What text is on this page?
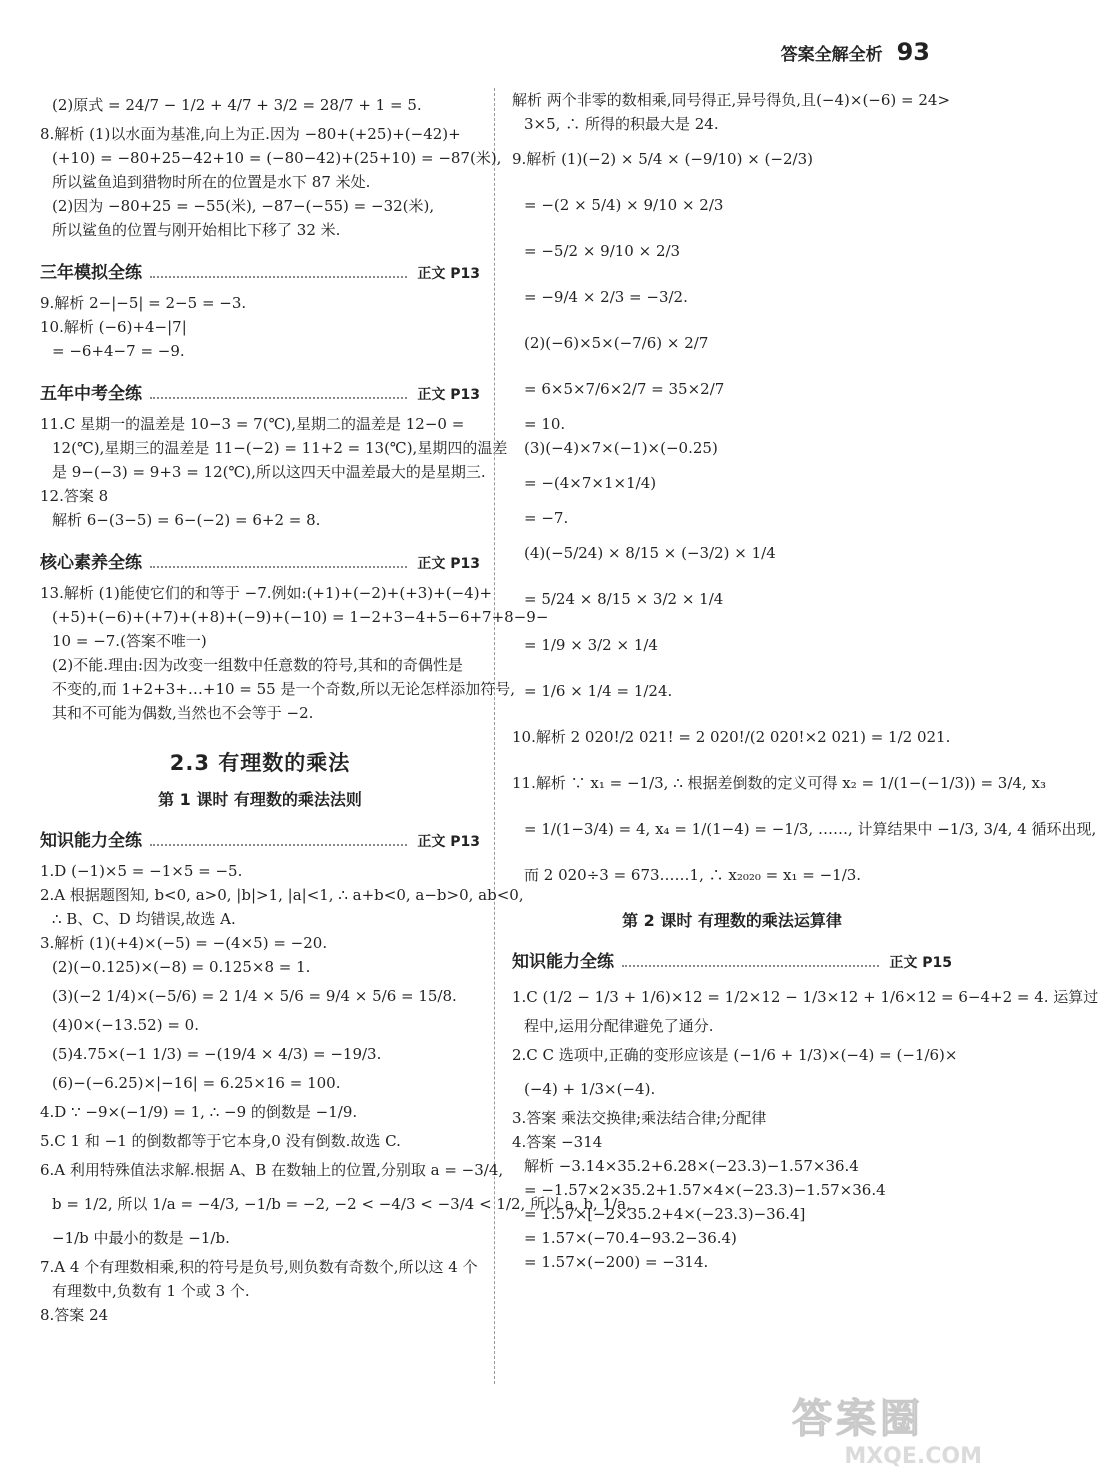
答案全解全析 93

(2)原式 = 24/7 − 1/2 + 4/7 + 3/2 = 28/7 + 1 = 5.

8.解析 (1)以水面为基准,向上为正.因为 −80+(+25)+(−42)+

(+10) = −80+25−42+10 = (−80−42)+(25+10) = −87(米),

所以鲨鱼追到猎物时所在的位置是水下 87 米处.

(2)因为 −80+25 = −55(米), −87−(−55) = −32(米),

所以鲨鱼的位置与刚开始相比下移了 32 米.

三年模拟全练	正文 P13

9.解析 2−|−5| = 2−5 = −3.

10.解析 (−6)+4−|7|

= −6+4−7 = −9.

五年中考全练	正文 P13

11.C 星期一的温差是 10−3 = 7(℃),星期二的温差是 12−0 =

12(℃),星期三的温差是 11−(−2) = 11+2 = 13(℃),星期四的温差

是 9−(−3) = 9+3 = 12(℃),所以这四天中温差最大的是星期三.

12.答案 8

解析 6−(3−5) = 6−(−2) = 6+2 = 8.

核心素养全练	正文 P13

13.解析 (1)能使它们的和等于 −7.例如:(+1)+(−2)+(+3)+(−4)+

(+5)+(−6)+(+7)+(+8)+(−9)+(−10) = 1−2+3−4+5−6+7+8−9−

10 = −7.(答案不唯一)

(2)不能.理由:因为改变一组数中任意数的符号,其和的奇偶性是

不变的,而 1+2+3+…+10 = 55 是一个奇数,所以无论怎样添加符号,

其和不可能为偶数,当然也不会等于 −2.

2.3 有理数的乘法
第 1 课时 有理数的乘法法则
知识能力全练	正文 P13

1.D (−1)×5 = −1×5 = −5.

2.A 根据题图知, b<0, a>0, |b|>1, |a|<1, ∴ a+b<0, a−b>0, ab<0,

∴ B、C、D 均错误,故选 A.

3.解析 (1)(+4)×(−5) = −(4×5) = −20.

(2)(−0.125)×(−8) = 0.125×8 = 1.

(3)(−2 1/4)×(−5/6) = 2 1/4 × 5/6 = 9/4 × 5/6 = 15/8.

(4)0×(−13.52) = 0.

(5)4.75×(−1 1/3) = −(19/4 × 4/3) = −19/3.

(6)−(−6.25)×|−16| = 6.25×16 = 100.

4.D ∵ −9×(−1/9) = 1, ∴ −9 的倒数是 −1/9.

5.C 1 和 −1 的倒数都等于它本身,0 没有倒数.故选 C.

6.A 利用特殊值法求解.根据 A、B 在数轴上的位置,分别取 a = −3/4,

b = 1/2, 所以 1/a = −4/3, −1/b = −2, −2 < −4/3 < −3/4 < 1/2, 所以 a, b, 1/a,

−1/b 中最小的数是 −1/b.

7.A 4 个有理数相乘,积的符号是负号,则负数有奇数个,所以这 4 个

有理数中,负数有 1 个或 3 个.

8.答案 24

解析 两个非零的数相乘,同号得正,异号得负,且(−4)×(−6) = 24>

3×5, ∴ 所得的积最大是 24.

9.解析 (1)(−2) × 5/4 × (−9/10) × (−2/3)

= −(2 × 5/4) × 9/10 × 2/3

= −5/2 × 9/10 × 2/3

= −9/4 × 2/3 = −3/2.

(2)(−6)×5×(−7/6) × 2/7

= 6×5×7/6×2/7 = 35×2/7

= 10.

(3)(−4)×7×(−1)×(−0.25)

= −(4×7×1×1/4)

= −7.

(4)(−5/24) × 8/15 × (−3/2) × 1/4

= 5/24 × 8/15 × 3/2 × 1/4

= 1/9 × 3/2 × 1/4

= 1/6 × 1/4 = 1/24.

10.解析 2 020!/2 021! = 2 020!/(2 020!×2 021) = 1/2 021.

11.解析 ∵ x₁ = −1/3, ∴ 根据差倒数的定义可得 x₂ = 1/(1−(−1/3)) = 3/4, x₃

= 1/(1−3/4) = 4, x₄ = 1/(1−4) = −1/3, ……, 计算结果中 −1/3, 3/4, 4 循环出现,

而 2 020÷3 = 673……1, ∴ x₂₀₂₀ = x₁ = −1/3.

第 2 课时 有理数的乘法运算律
知识能力全练	正文 P15

1.C (1/2 − 1/3 + 1/6)×12 = 1/2×12 − 1/3×12 + 1/6×12 = 6−4+2 = 4. 运算过

程中,运用分配律避免了通分.

2.C C 选项中,正确的变形应该是 (−1/6 + 1/3)×(−4) = (−1/6)×

(−4) + 1/3×(−4).

3.答案 乘法交换律;乘法结合律;分配律

4.答案 −314

解析 −3.14×35.2+6.28×(−23.3)−1.57×36.4

= −1.57×2×35.2+1.57×4×(−23.3)−1.57×36.4

= 1.57×[−2×35.2+4×(−23.3)−36.4]

= 1.57×(−70.4−93.2−36.4)

= 1.57×(−200) = −314.

答案圈
MXQE.COM
